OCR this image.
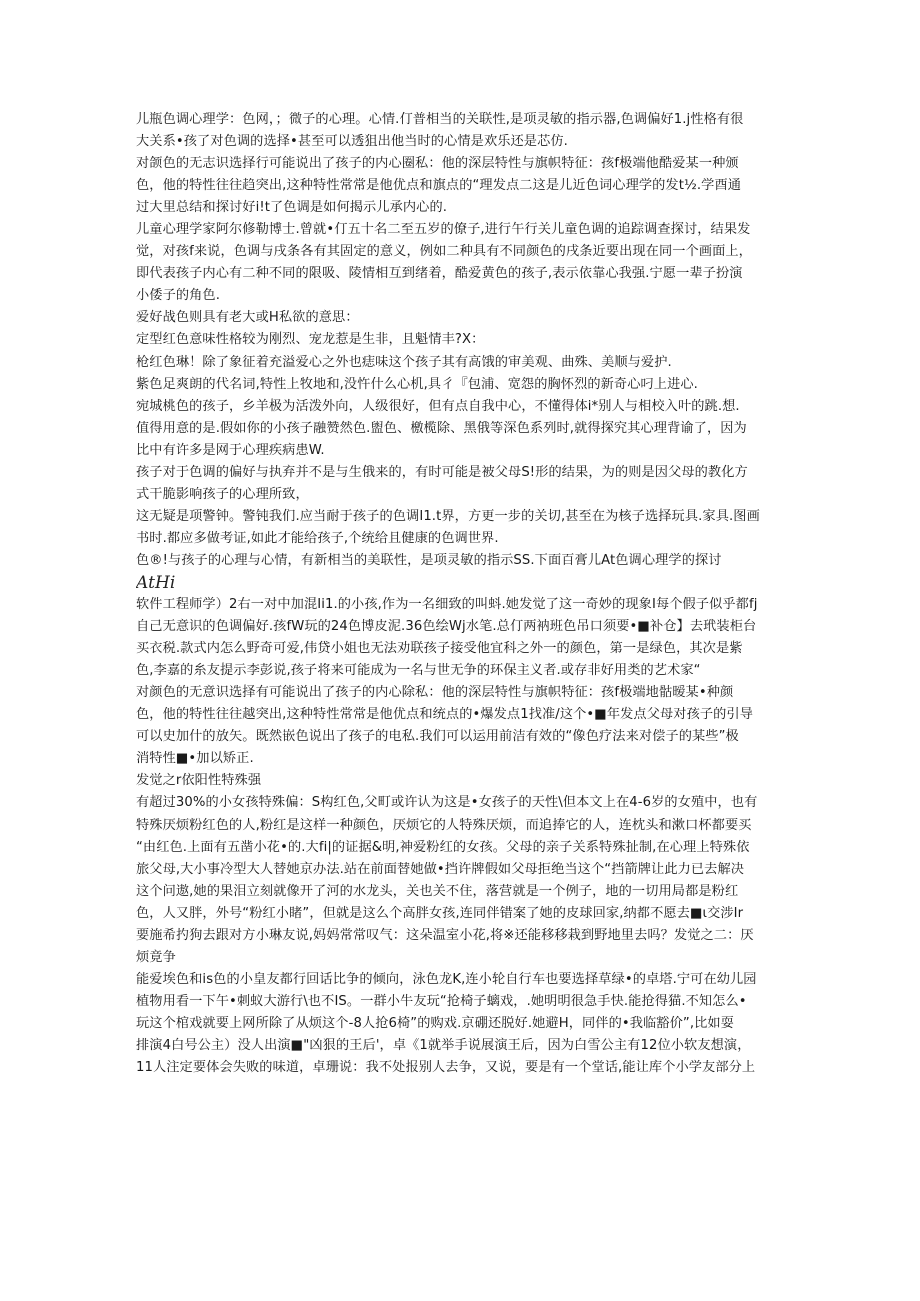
儿瓶色调心理学：色网，；微子的心理。心情.仃普相当的关联性,是项灵敏的指示器,色调偏好1.j性格有很
大关系•孩了对色调的选择•甚至可以透狙出他当时的心情是欢乐还是芯仿.
对颌色的无志识选择行可能说出了孩子的内心圈私：他的深层特性与旗帜特征：孩f极端他酷爱某一种颁
色，他的特性往往趋突出,这种特性常常是他优点和旗点的“理发点二这是儿近色词心理学的发t½.学酉通
过大里总结和探讨好i!t了色调是如何揭示儿承内心的.
儿童心理学家阿尔修勒博士.曾就•仃五十名二至五岁的僚子,进行午行关儿童色调的追踪调查探讨，结果发
觉，对孩f来说，色调与戌条各有其固定的意义，例如二种具有不同颜色的戌条近要出现在同一个画面上，
即代表孩子内心有二种不同的限吸、陵情相互到绪着，酷爱黄色的孩子,表示依靠心我强.宁愿一辈子扮演
小倭子的角色.
爱好战色则具有老大或H私欲的意思：
定型红色意味性格较为刚烈、宠龙惹是生非，且魁情丰?X：
枪红色琳！除了象征着充溢爱心之外也痣味这个孩子其有高饿的审美观、曲殊、美顺与爱护.
紫色足爽朗的代名词,特性上牧地和,没忤什么心机,具彳『包浦、宽怨的胸怀烈的新奇心叼上进心.
宛城桃色的孩子，乡羊极为活泼外向，人级很好，但有点自我中心，不懂得体i*别人与相校入叶的跳.想.
值得用意的是.假如你的小孩子融赞然色.盥色、檄榄除、黑俄等深色系列时,就得探究其心理背谕了，因为
比中有许多是网于心理疾病患W.
孩子对于色调的偏好与执弃并不是与生俄来的，有时可能是被父母S!形的结果，为的则是因父母的教化方
式干脆影响孩子的心理所致，
这无疑是项警钟。警钝我们.应当耐于孩子的色调I1.t界，方更一步的关切,甚至在为核子选择玩具.家具.图画
书时.都应多做考证,如此才能给孩子,个统给且健康的色调世界.
色®!与孩子的心理与心情，有新相当的美联性，是项灵敏的指示SS.下面百膏儿At色调心理学的探讨
AtHi
软件工程师学）2右一对中加混Ii1.的小孩,作为一名细致的叫蚪.她发觉了这一奇妙的现象I每个假子似乎都fj
自己无意识的色调偏好.孩fW玩的24色博皮泥.36色绘Wj水笔.总仃两衲班色吊口须要•■补仓】去玳装柜台
买衣税.款式内怎么野奇可爱,伟贷小姐也无法劝联孩子接受他宜科之外一的颜色，第一是绿色，其次是紫
色,李嘉的糸友提示李彭说,孩子将来可能成为一名与世无争的环保主义者.或存非好用类的艺术家“
对颜色的无意识选择有可能说出了孩子的内心除私：他的深层特性与旗帜特征：孩f极端地骷暧某•种颜
色，他的特性往往越突出,这种特性常常是他优点和统点的•爆发点1找准/这个•■年发点父母对孩子的引导
可以史加什的放矢。既然嵌色说出了孩子的电私.我们可以运用前洁有效的“像色疗法来对偿子的某些”极
消特性■•加以矫正.
发觉之r依阳性特殊强
有超过30%的小女孩特殊偏：S构红色,父町或许认为这是•女孩子的天性\但本文上在4-6岁的女殖中，也有
特殊厌烦粉红色的人,粉红是这样一种颜色，厌烦它的人特殊厌烦，而追捧它的人，连枕头和漱口杯都要买
“由红色.上面有五凿小花•的.大fi|的证据&明,神爱粉红的女孩。父母的亲子关系特殊扯制,在心理上特殊依
旅父母,大小事冷型大人替她京办法.站在前面替她做•挡许牌假如父母拒绝当这个“挡箭牌让此力已去解决
这个问遨,她的果泪立刻就像开了河的水龙头，关也关不住，落营就是一个例子，地的一切用局都是粉红
色，人又胖，外号“粉红小睹”，但就是这么个高胖女孩,连同伴错案了她的皮球回家,纳都不愿去■ι交涉Ir
要施希扚狗去跟对方小琳友说,妈妈常常叹气：这朵温室小花,将※还能移移栽到野地里去吗？发觉之二：厌
烦竟争
能爱埃色和is色的小皇友都行回话比争的倾向，泳色龙K,连小轮自行车也要选择草绿•的卓塔.宁可在幼儿园
植物用看一下午•刺蚁大游行\也不IS。一群小牛友玩“抢椅子螭戏，.她明明很急手快.能抢得猫.不知怎么•
玩这个棺戏就要上网所除了从烦这个-8人抢6椅”的购戏.京硼还脱好.她避H，同伴的•我临豁价”,比如耍
排演4白号公主）没人出演■"凶狠的王后'，卓《1就举手说展演王后，因为白雪公主有12位小软友想演，
11人注定要体会失败的味道，卓珊说：我不处报别人去争，又说，要是有一个堂话,能让库个小学友部分上
